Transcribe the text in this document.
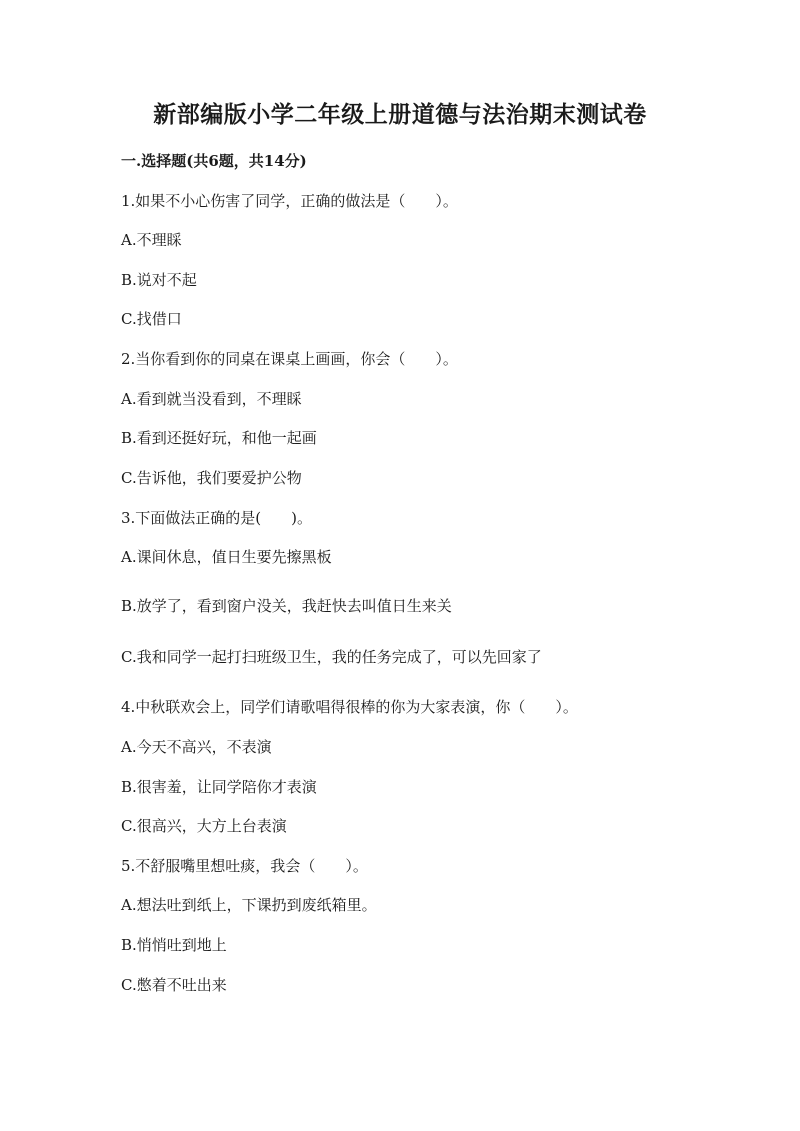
新部编版小学二年级上册道德与法治期末测试卷
一.选择题(共6题，共14分)
1.如果不小心伤害了同学，正确的做法是（　　）。
A.不理睬
B.说对不起
C.找借口
2.当你看到你的同桌在课桌上画画，你会（　　）。
A.看到就当没看到，不理睬
B.看到还挺好玩，和他一起画
C.告诉他，我们要爱护公物
3.下面做法正确的是(　　)。
A.课间休息，值日生要先擦黑板
B.放学了，看到窗户没关，我赶快去叫值日生来关
C.我和同学一起打扫班级卫生，我的任务完成了，可以先回家了
4.中秋联欢会上，同学们请歌唱得很棒的你为大家表演，你（　　）。
A.今天不高兴，不表演
B.很害羞，让同学陪你才表演
C.很高兴，大方上台表演
5.不舒服嘴里想吐痰，我会（　　）。
A.想法吐到纸上，下课扔到废纸箱里。
B.悄悄吐到地上
C.憋着不吐出来
